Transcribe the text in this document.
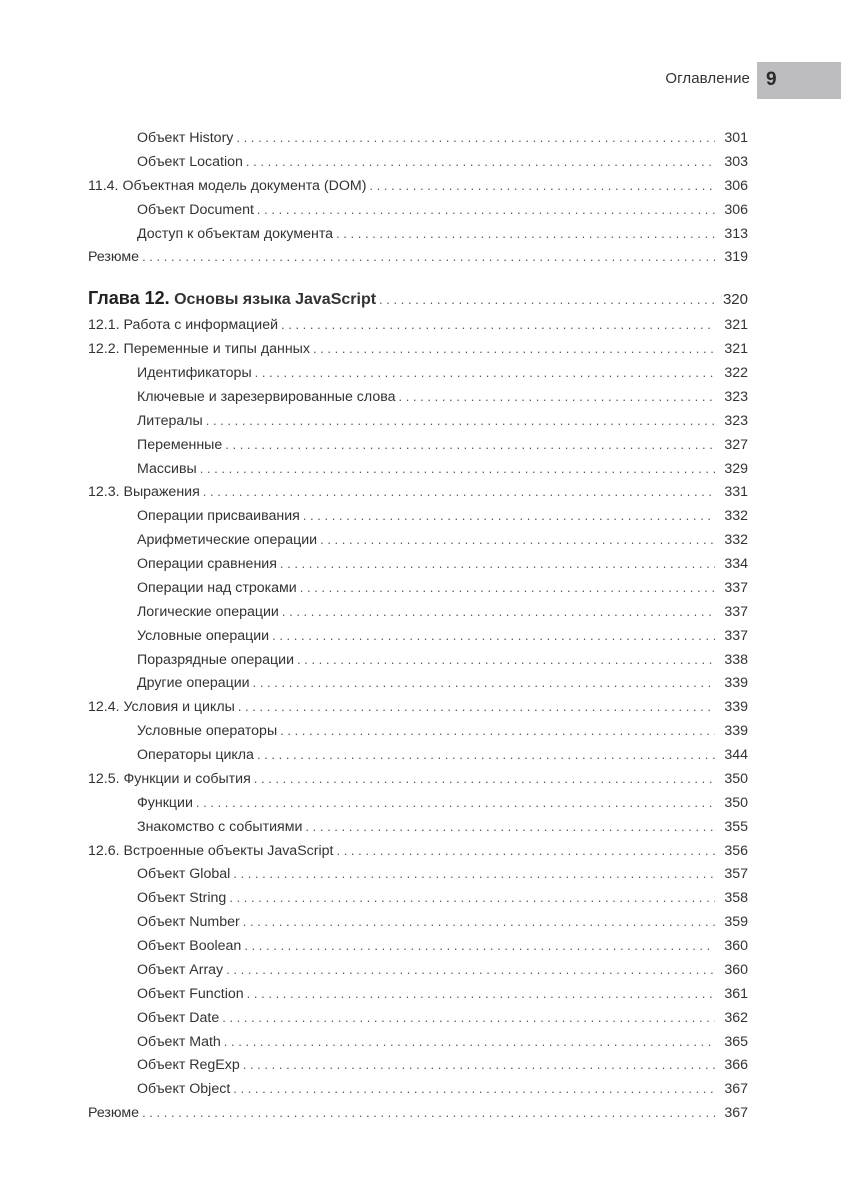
Оглавление 9
Объект History . . .	301
Объект Location . . .	303
11.4. Объектная модель документа (DOM) . . .	306
Объект Document . . .	306
Доступ к объектам документа . . .	313
Резюме . . .	319
Глава 12. Основы языка JavaScript . . .	320
12.1. Работа с информацией . . .	321
12.2. Переменные и типы данных . . .	321
Идентификаторы . . .	322
Ключевые и зарезервированные слова . . .	323
Литералы . . .	323
Переменные . . .	327
Массивы . . .	329
12.3. Выражения . . .	331
Операции присваивания . . .	332
Арифметические операции . . .	332
Операции сравнения . . .	334
Операции над строками . . .	337
Логические операции . . .	337
Условные операции . . .	337
Поразрядные операции . . .	338
Другие операции . . .	339
12.4. Условия и циклы . . .	339
Условные операторы . . .	339
Операторы цикла . . .	344
12.5. Функции и события . . .	350
Функции . . .	350
Знакомство с событиями . . .	355
12.6. Встроенные объекты JavaScript . . .	356
Объект Global . . .	357
Объект String . . .	358
Объект Number . . .	359
Объект Boolean . . .	360
Объект Array . . .	360
Объект Function . . .	361
Объект Date . . .	362
Объект Math . . .	365
Объект RegExp . . .	366
Объект Object . . .	367
Резюме . . .	367
